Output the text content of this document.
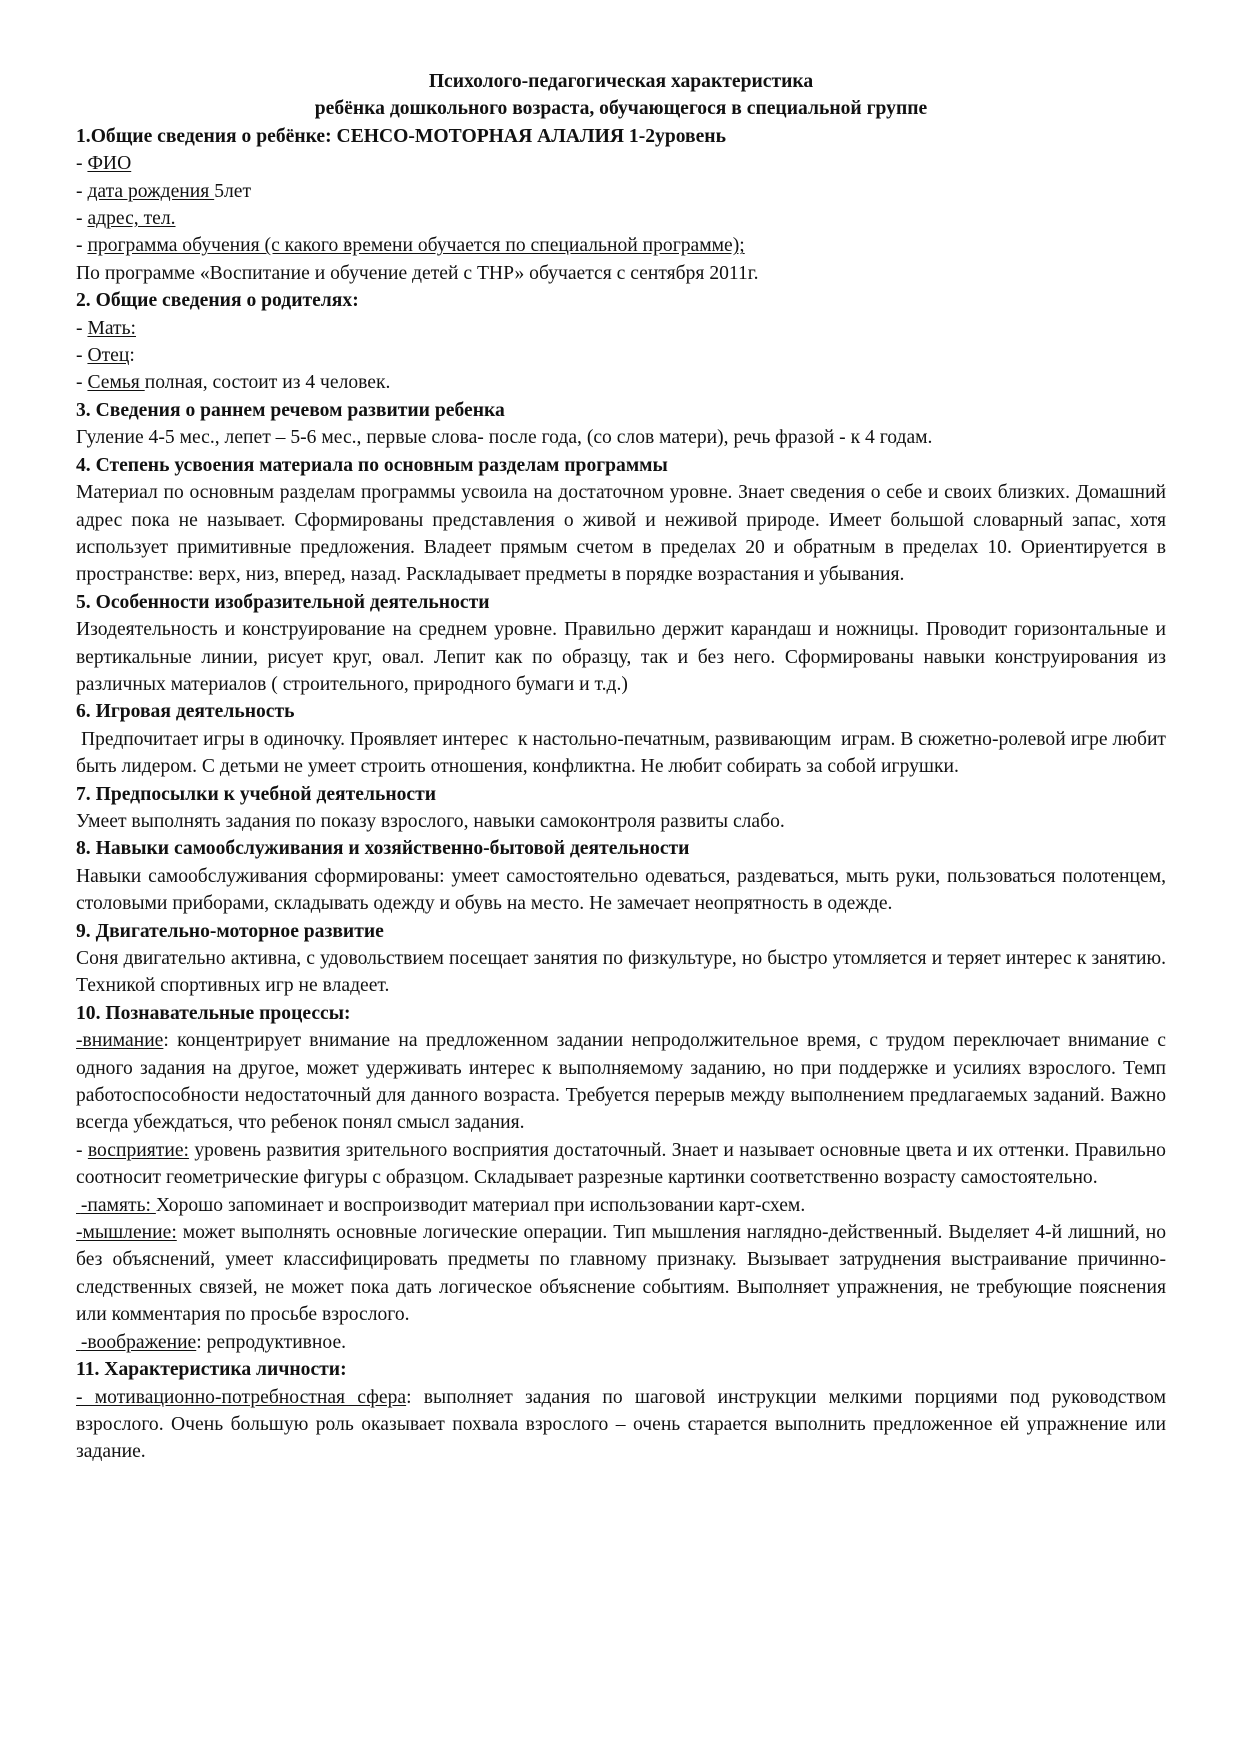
Психолого-педагогическая характеристика

ребёнка дошкольного возраста, обучающегося в специальной группе

1.Общие сведения о ребёнке: СЕНСО-МОТОРНАЯ АЛАЛИЯ 1-2уровень

- ФИО

- дата рождения 5лет

- адрес, тел.

- программа обучения (с какого времени обучается по специальной программе);

По программе «Воспитание и обучение детей с ТНР» обучается с сентября 2011г.

2. Общие сведения о родителях:

- Мать:

- Отец:

- Семья полная, состоит из 4 человек.

3. Сведения о раннем речевом развитии ребенка

Гуление 4-5 мес., лепет – 5-6 мес., первые слова- после года, (со слов матери), речь фразой - к 4 годам.

4. Степень усвоения материала по основным разделам программы

Материал по основным разделам программы усвоила на достаточном уровне. Знает сведения о себе и своих близких. Домашний адрес пока не называет. Сформированы представления о живой и неживой природе. Имеет большой словарный запас, хотя использует примитивные предложения. Владеет прямым счетом в пределах 20 и обратным в пределах 10. Ориентируется в пространстве: верх, низ, вперед, назад. Раскладывает предметы в порядке возрастания и убывания.

5. Особенности изобразительной деятельности

Изодеятельность и конструирование на среднем уровне. Правильно держит карандаш и ножницы. Проводит горизонтальные и вертикальные линии, рисует круг, овал. Лепит как по образцу, так и без него. Сформированы навыки конструирования из различных материалов ( строительного, природного бумаги и т.д.)

6. Игровая деятельность

Предпочитает игры в одиночку. Проявляет интерес  к настольно-печатным, развивающим  играм. В сюжетно-ролевой игре любит быть лидером. С детьми не умеет строить отношения, конфликтна. Не любит собирать за собой игрушки.

7. Предпосылки к учебной деятельности

Умеет выполнять задания по показу взрослого, навыки самоконтроля развиты слабо.

8. Навыки самообслуживания и хозяйственно-бытовой деятельности

Навыки самообслуживания сформированы: умеет самостоятельно одеваться, раздеваться, мыть руки, пользоваться полотенцем, столовыми приборами, складывать одежду и обувь на место. Не замечает неопрятность в одежде.

9. Двигательно-моторное развитие

Соня двигательно активна, с удовольствием посещает занятия по физкультуре, но быстро утомляется и теряет интерес к занятию. Техникой спортивных игр не владеет.

10. Познавательные процессы:

-внимание: концентрирует внимание на предложенном задании непродолжительное время, с трудом переключает внимание с одного задания на другое, может удерживать интерес к выполняемому заданию, но при поддержке и усилиях взрослого. Темп работоспособности недостаточный для данного возраста. Требуется перерыв между выполнением предлагаемых заданий. Важно всегда убеждаться, что ребенок понял смысл задания.

- восприятие: уровень развития зрительного восприятия достаточный. Знает и называет основные цвета и их оттенки. Правильно соотносит геометрические фигуры с образцом. Складывает разрезные картинки соответственно возрасту самостоятельно.

-память: Хорошо запоминает и воспроизводит материал при использовании карт-схем.

-мышление: может выполнять основные логические операции. Тип мышления наглядно-действенный. Выделяет 4-й лишний, но без объяснений, умеет классифицировать предметы по главному признаку. Вызывает затруднения выстраивание причинно-следственных связей, не может пока дать логическое объяснение событиям. Выполняет упражнения, не требующие пояснения или комментария по просьбе взрослого.

-воображение: репродуктивное.

11. Характеристика личности:

- мотивационно-потребностная сфера: выполняет задания по шаговой инструкции мелкими порциями под руководством взрослого. Очень большую роль оказывает похвала взрослого – очень старается выполнить предложенное ей упражнение или задание.
